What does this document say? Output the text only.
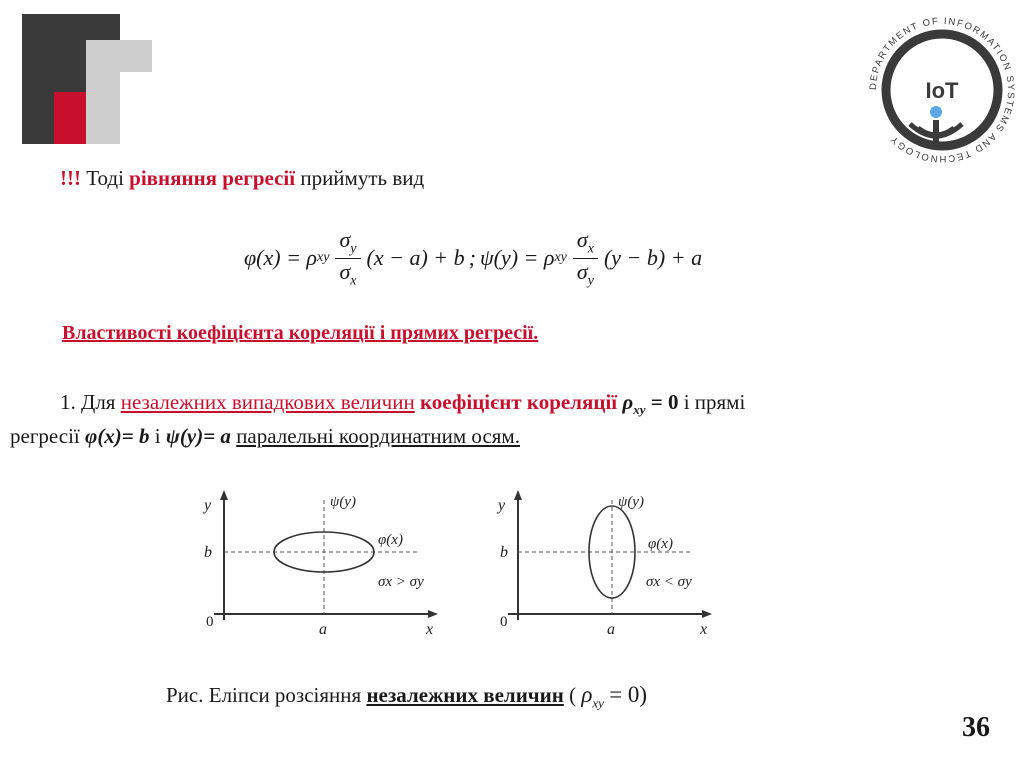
DEPARTMENT OF INFORMATION SYSTEMS AND TECHNOLOGY
IoT
!!! Тоді рівняння регресії приймуть вид
φ(x) = ρ xy
$\sigma_y$
$\sigma_x$
(x − a) + b ; ψ(y) = ρ xy
$\sigma_x$
$\sigma_y$
(y − b) + a
Властивості коефіцієнта кореляції і прямих регресії.
1. Для незалежних випадкових величин коефіцієнт кореляції $\rho_{xy} = 0$ і прямі
регресії φ(x)= b і ψ(y)= a паралельні координатним осям.
y
x
0
b
a
ψ(y)
φ(x)
σx > σy
y
x
0
b
a
ψ(y)
φ(x)
σx < σy
Рис. Еліпси розсіяння незалежних величин ( $\rho_{xy} = 0$)
36
